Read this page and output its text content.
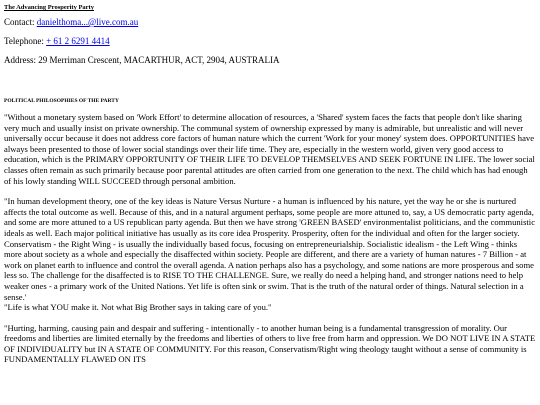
The Advancing Prosperity Party
Contact: danielthoma...@live.com.au
Telephone: + 61 2 6291 4414
Address: 29 Merriman Crescent, MACARTHUR, ACT, 2904, AUSTRALIA
POLITICAL PHILOSOPHIES OF THE PARTY

"Without a monetary system based on 'Work Effort' to determine allocation of resources, a 'Shared' system faces the facts that people don't like sharing very much and usually insist on private ownership. The communal system of ownership expressed by many is admirable, but unrealistic and will never universally occur because it does not address core factors of human nature which the current 'Work for your money' system does. OPPORTUNITIES have always been presented to those of lower social standings over their life time. They are, especially in the western world, given very good access to education, which is the PRIMARY OPPORTUNITY OF THEIR LIFE TO DEVELOP THEMSELVES AND SEEK FORTUNE IN LIFE. The lower social classes often remain as such primarily because poor parental attitudes are often carried from one generation to the next. The child which has had enough of his lowly standing WILL SUCCEED through personal ambition.

"In human development theory, one of the key ideas is Nature Versus Nurture - a human is influenced by his nature, yet the way he or she is nurtured affects the total outcome as well. Because of this, and in a natural argument perhaps, some people are more attuned to, say, a US democratic party agenda, and some are more attuned to a US republican party agenda. But then we have strong 'GREEN BASED' environmentalist politicians, and the communistic ideals as well. Each major political initiative has usually as its core idea Prosperity. Prosperity, often for the individual and often for the larger society. Conservatism - the Right Wing - is usually the individually based focus, focusing on entrepreneurialship. Socialistic idealism - the Left Wing - thinks more about society as a whole and especially the disaffected within society. People are different, and there are a variety of human natures - 7 Billion - at work on planet earth to influence and control the overall agenda. A nation perhaps also has a psychology, and some nations are more prosperous and some less so. The challenge for the disaffected is to RISE TO THE CHALLENGE. Sure, we really do need a helping hand, and stronger nations need to help weaker ones - a primary work of the United Nations. Yet life is often sink or swim. That is the truth of the natural order of things. Natural selection in a sense.'

"Life is what YOU make it. Not what Big Brother says in taking care of you."

"Hurting, harming, causing pain and despair and suffering - intentionally - to another human being is a fundamental transgression of morality. Our freedoms and liberties are limited eternally by the freedoms and liberties of others to live free from harm and oppression. We DO NOT LIVE IN A STATE OF INDIVIDUALITY but IN A STATE OF COMMUNITY. For this reason, Conservatism/Right wing theology taught without a sense of community is FUNDAMENTALLY FLAWED ON ITS
